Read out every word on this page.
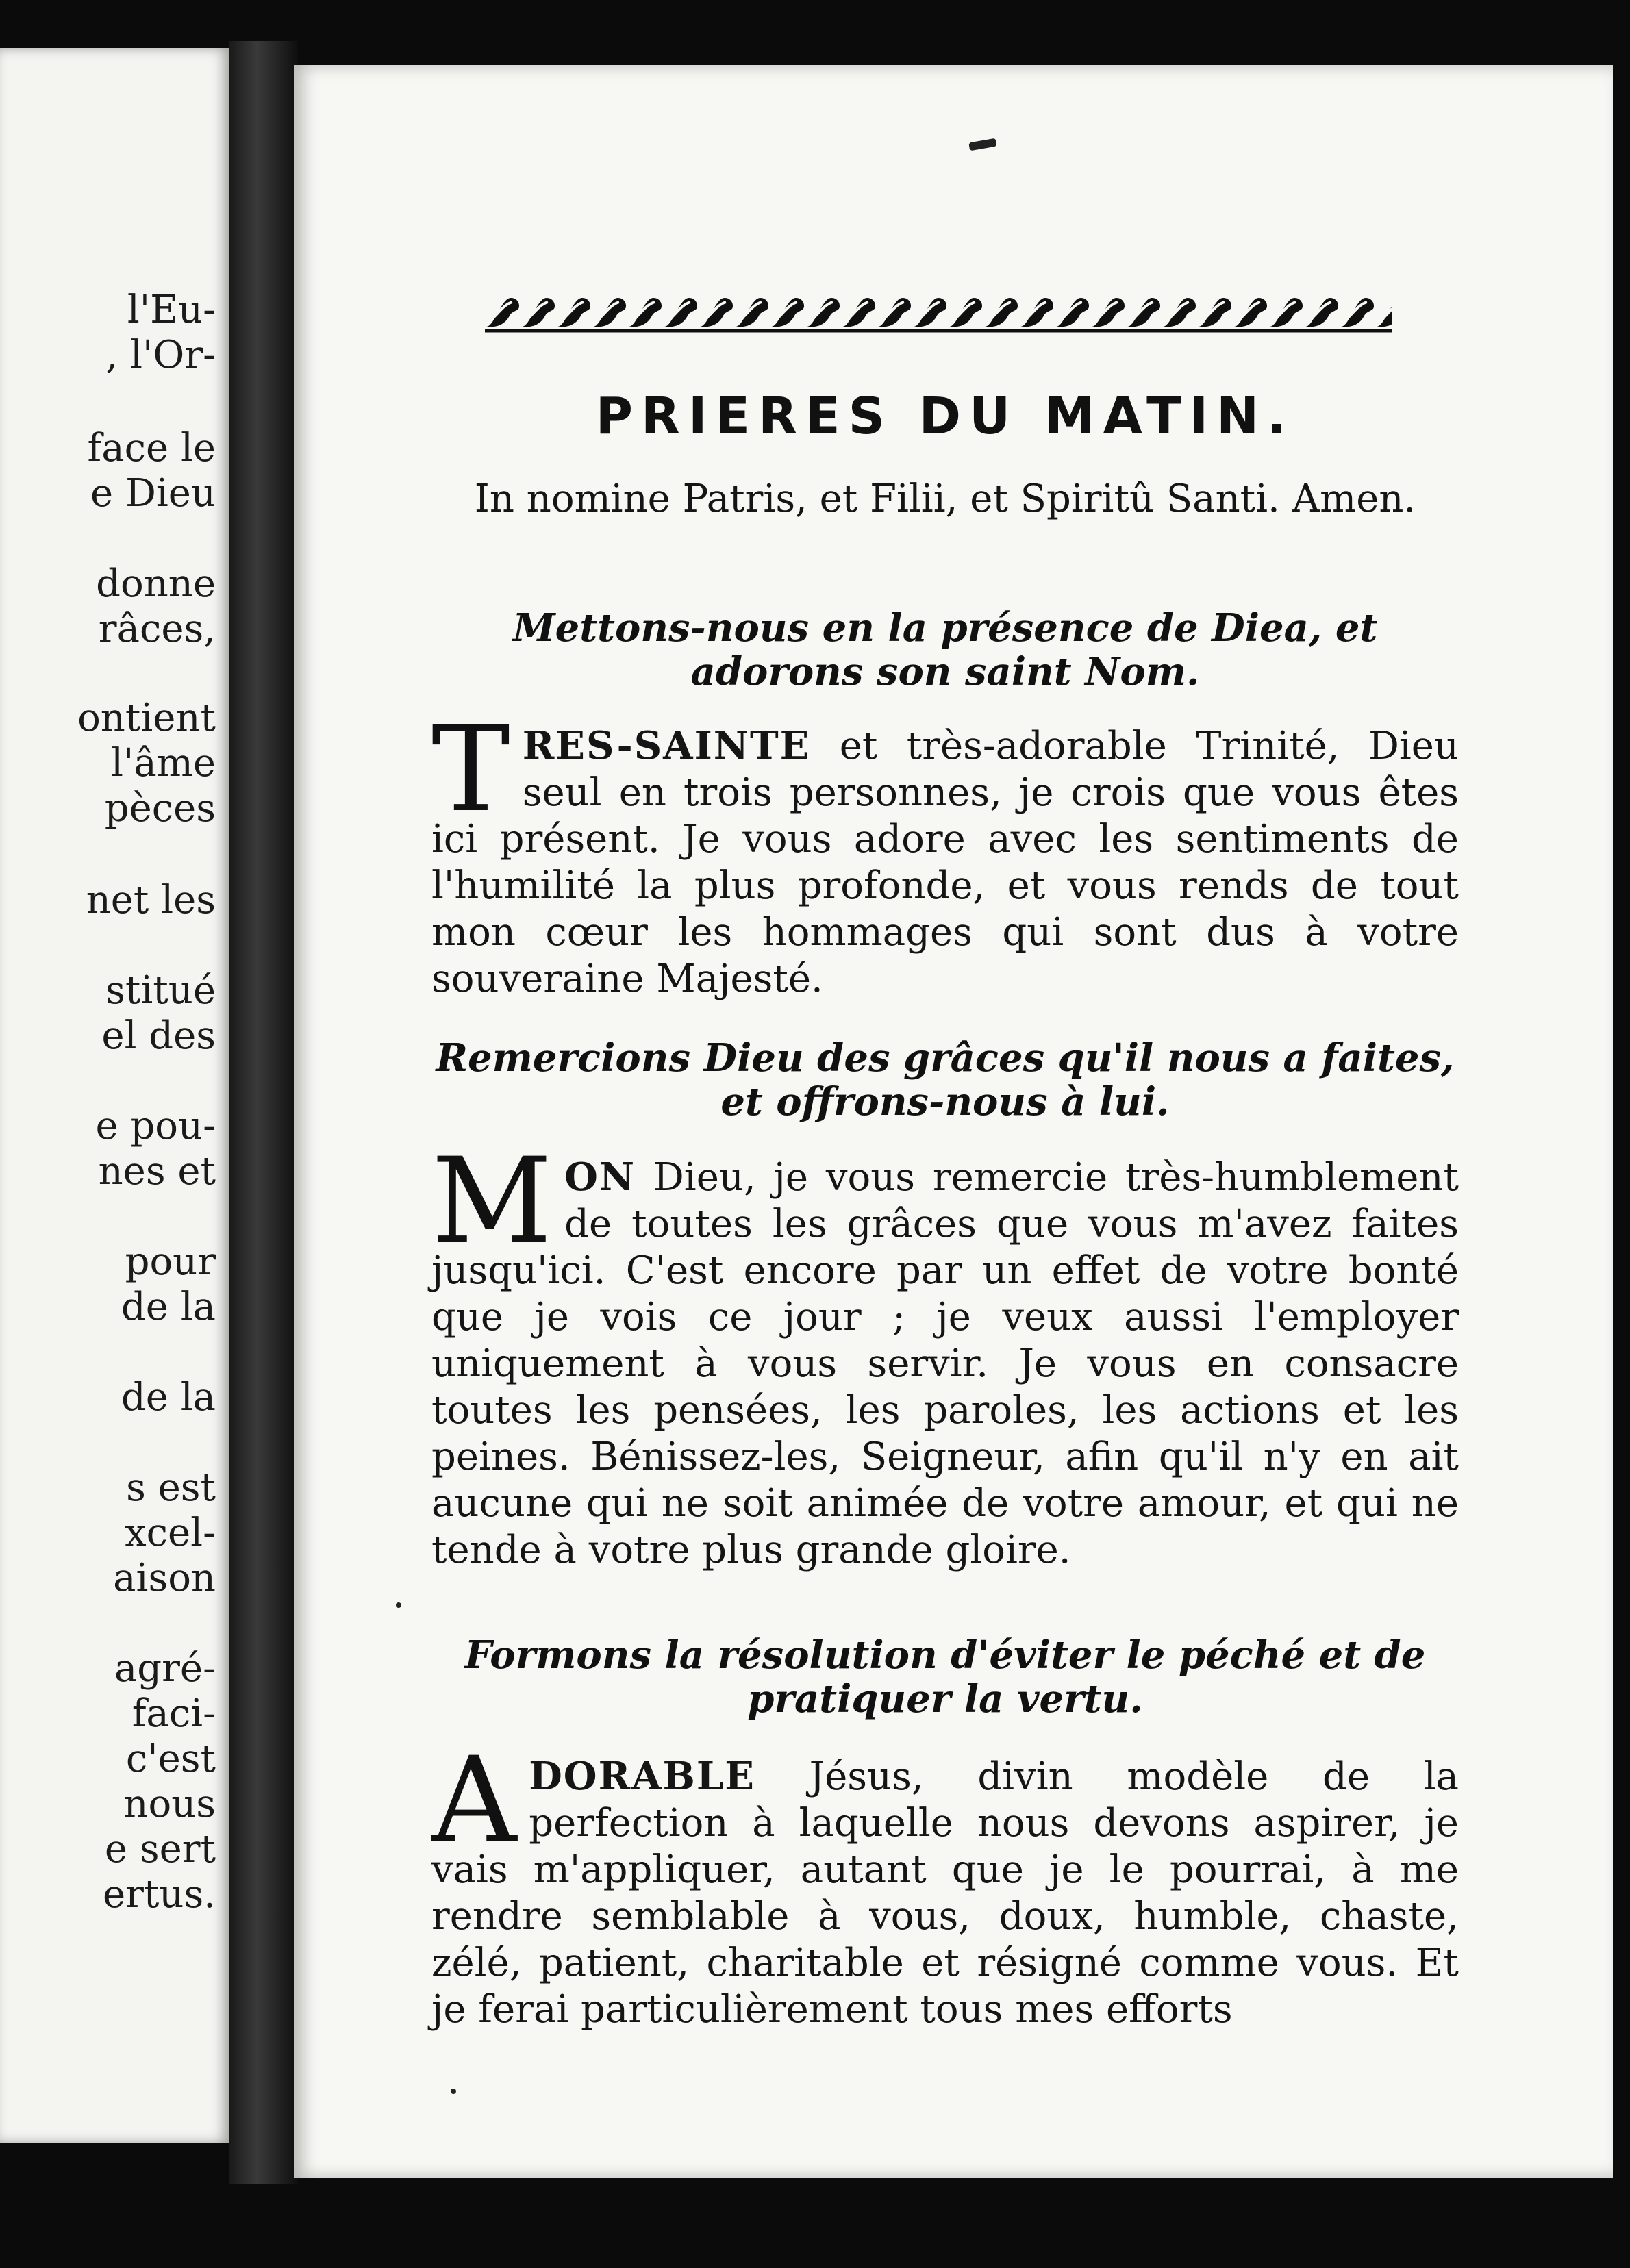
l'Eu-
, l'Or-
face le
e Dieu
donne
râces,
ontient
l'âme
pèces
net les
stitué
el des
e pou-
nes et
pour
de la
de la
s est
xcel-
aison
agré-
faci-
c'est
nous
e sert
ertus.
PRIERES DU MATIN.
In nomine Patris, et Filii, et Spiritû Santi. Amen.
Mettons-nous en la présence de Diea, et adorons son saint Nom.
TRES-SAINTE et très-adorable Trinité, Dieu seul en trois personnes, je crois que vous êtes ici présent. Je vous adore avec les sentiments de l'humilité la plus profonde, et vous rends de tout mon cœur les hommages qui sont dus à votre souveraine Majesté.
Remercions Dieu des grâces qu'il nous a faites, et offrons-nous à lui.
MON Dieu, je vous remercie très-humblement de toutes les grâces que vous m'avez faites jusqu'ici. C'est encore par un effet de votre bonté que je vois ce jour ; je veux aussi l'employer uniquement à vous servir. Je vous en consacre toutes les pensées, les paroles, les actions et les peines. Bénissez-les, Seigneur, afin qu'il n'y en ait aucune qui ne soit animée de votre amour, et qui ne tende à votre plus grande gloire.
Formons la résolution d'éviter le péché et de pratiquer la vertu.
ADORABLE Jésus, divin modèle de la perfection à laquelle nous devons aspirer, je vais m'appliquer, autant que je le pourrai, à me rendre semblable à vous, doux, humble, chaste, zélé, patient, charitable et résigné comme vous. Et je ferai particulièrement tous mes efforts
